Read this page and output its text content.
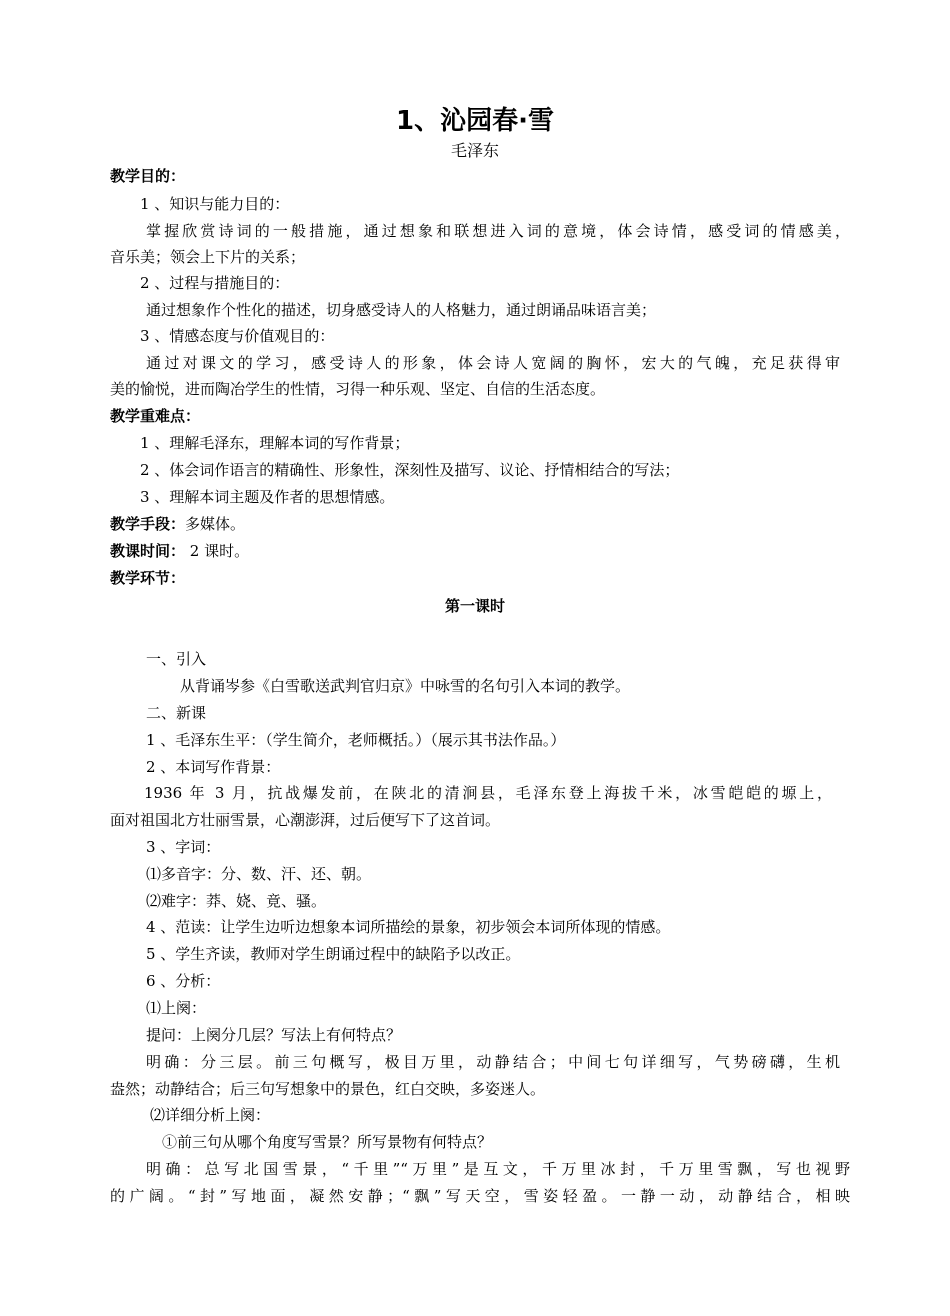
1、沁园春·雪
毛泽东
教学目的：
1 、知识与能力目的：
掌握欣赏诗词的一般措施，通过想象和联想进入词的意境，体会诗情，感受词的情感美，
音乐美；领会上下片的关系；
2 、过程与措施目的：
通过想象作个性化的描述，切身感受诗人的人格魅力，通过朗诵品味语言美；
3 、情感态度与价值观目的：
通过对课文的学习，感受诗人的形象，体会诗人宽阔的胸怀，宏大的气魄，充足获得审
美的愉悦，进而陶冶学生的性情，习得一种乐观、坚定、自信的生活态度。
教学重难点：
1 、理解毛泽东，理解本词的写作背景；
2 、体会词作语言的精确性、形象性，深刻性及描写、议论、抒情相结合的写法；
3 、理解本词主题及作者的思想情感。
教学手段：多媒体。
教课时间： 2 课时。
教学环节：
第一课时
一、引入
从背诵岑参《白雪歌送武判官归京》中咏雪的名句引入本词的教学。
二、新课
1 、毛泽东生平：（学生简介，老师概括。）（展示其书法作品。）
2 、本词写作背景：
1936 年 3 月，抗战爆发前，在陕北的清涧县，毛泽东登上海拔千米，冰雪皑皑的塬上，
面对祖国北方壮丽雪景，心潮澎湃，过后便写下了这首词。
3 、字词：
⑴多音字：分、数、汗、还、朝。
⑵难字：莽、娆、竟、骚。
4 、范读：让学生边听边想象本词所描绘的景象，初步领会本词所体现的情感。
5 、学生齐读，教师对学生朗诵过程中的缺陷予以改正。
6 、分析：
⑴上阕：
提问：上阕分几层？写法上有何特点？
明确：分三层。前三句概写，极目万里，动静结合；中间七句详细写，气势磅礴，生机
盎然；动静结合；后三句写想象中的景色，红白交映，多姿迷人。
⑵详细分析上阕：
①前三句从哪个角度写雪景？所写景物有何特点？
明确：总写北国雪景，“千里”“万里”是互文，千万里冰封，千万里雪飘，写也视野
的广阔。“封”写地面，凝然安静；“飘”写天空，雪姿轻盈。一静一动，动静结合，相映
